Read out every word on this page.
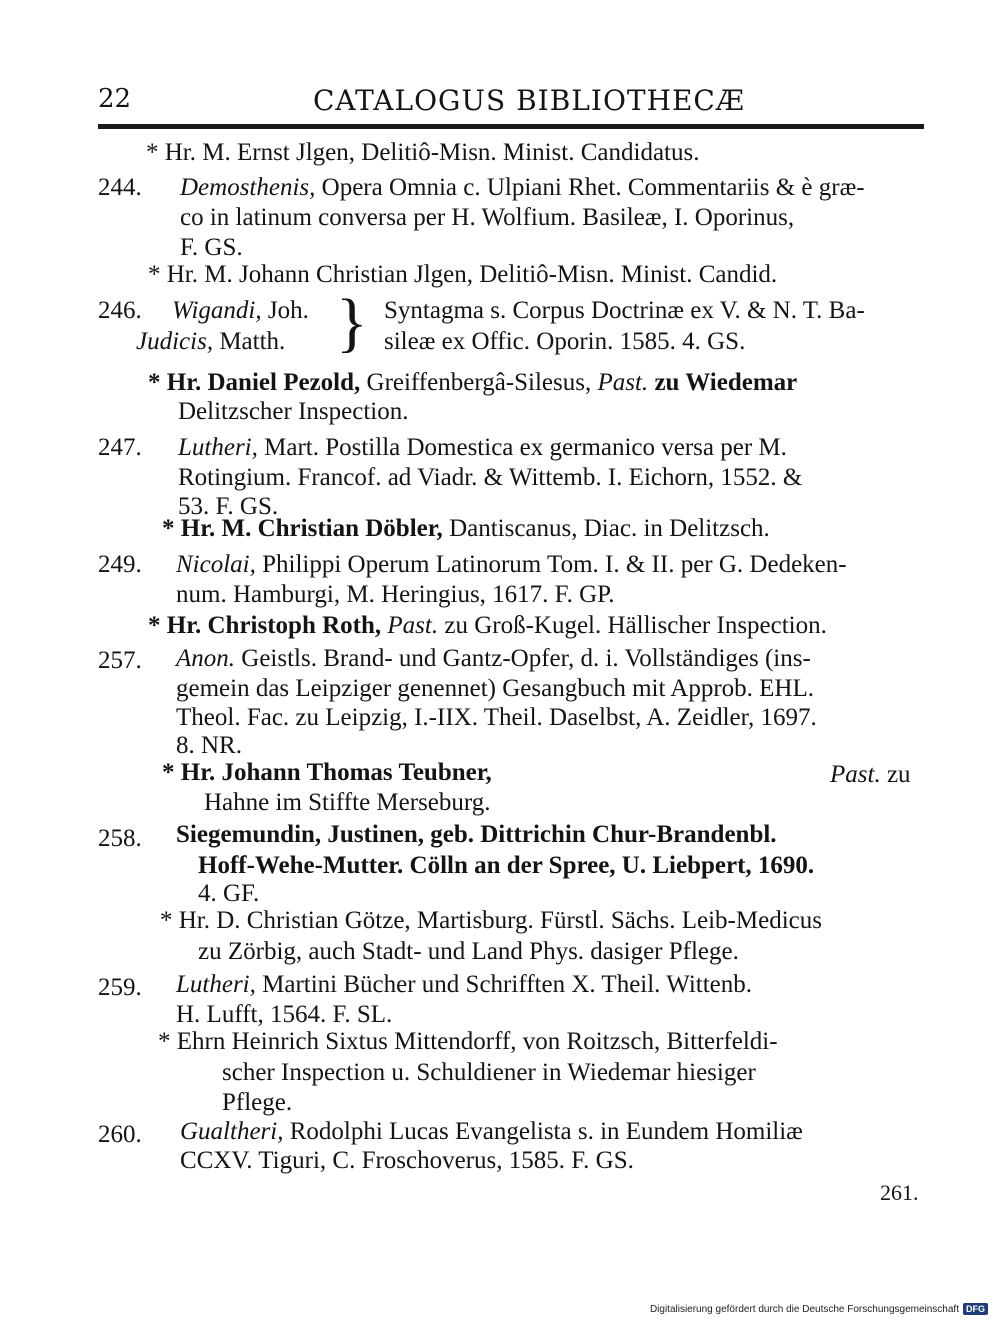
22	CATALOGUS BIBLIOTHECÆ
* Hr. M. Ernst Jlgen, Delitiô-Misn. Minist. Candidatus.
244. Demosthenis, Opera Omnia c. Ulpiani Rhet. Commentariis & è græ-
co in latinum conversa per H. Wolfium. Basileæ, I. Oporinus,
F. GS.
* Hr. M. Johann Christian Jlgen, Delitiô-Misn. Minist. Candid.
246. Wigandi, Joh.
Judicis, Matth. } Syntagma s. Corpus Doctrinæ ex V. & N. T. Ba-
sileæ ex Offic. Oporin. 1585. 4. GS.
* Hr. Daniel Pezold, Greiffenbergâ-Silesus, Past. zu Wiedemar
Delitzscher Inspection.
247. Lutheri, Mart. Postilla Domestica ex germanico versa per M.
Rotingium. Francof. ad Viadr. & Wittemb. I. Eichorn, 1552. &
53. F. GS.
* Hr. M. Christian Döbler, Dantiscanus, Diac. in Delitzsch.
249. Nicolai, Philippi Operum Latinorum Tom. I. & II. per G. Dedeken-
num. Hamburgi, M. Heringius, 1617. F. GP.
* Hr. Christoph Roth, Past. zu Groß-Kugel. Hällischer Inspection.
257. Anon. Geistls. Brand- und Gantz-Opfer, d. i. Vollständiges (ins-
gemein das Leipziger genennet) Gesangbuch mit Approb. EHL.
Theol. Fac. zu Leipzig, I.-IIX. Theil. Daselbst, A. Zeidler, 1697.
8. NR.
* Hr. Johann Thomas Teubner,	Past. zu
Hahne im Stiffte Merseburg.
258. Siegemundin, Justinen, geb. Dittrichin Chur-Brandenbl.
Hoff-Wehe-Mutter. Cölln an der Spree, U. Liebpert, 1690.
4. GF.
* Hr. D. Christian Götze, Martisburg. Fürstl. Sächs. Leib-Medicus
zu Zörbig, auch Stadt- und Land Phys. dasiger Pflege.
259. Lutheri, Martini Bücher und Schrifften X. Theil. Wittenb.
H. Lufft, 1564. F. SL.
* Ehrn Heinrich Sixtus Mittendorff, von Roitzsch, Bitterfeldi-
scher Inspection u. Schuldiener in Wiedemar hiesiger
Pflege.
260. Gualtheri, Rodolphi Lucas Evangelista s. in Eundem Homiliæ
CCXV. Tiguri, C. Froschoverus, 1585. F. GS.
261.
Digitalisierung gefördert durch die Deutsche Forschungsgemeinschaft DFG
